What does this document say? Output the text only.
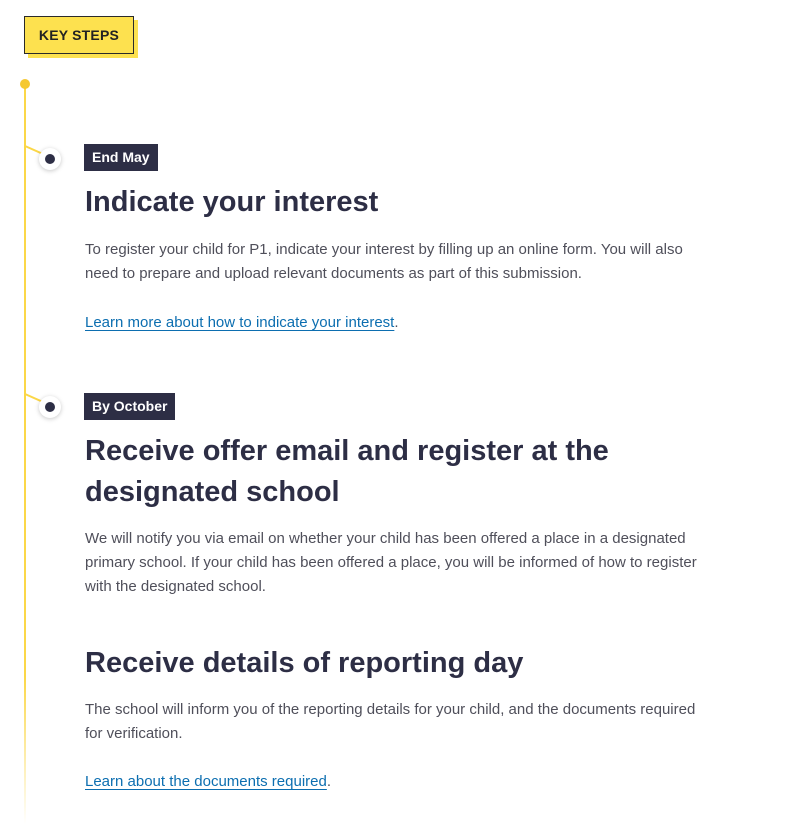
KEY STEPS
End May
Indicate your interest

To register your child for P1, indicate your interest by filling up an online form. You will also need to prepare and upload relevant documents as part of this submission.

Learn more about how to indicate your interest.

By October
Receive offer email and register at the designated school

We will notify you via email on whether your child has been offered a place in a designated primary school. If your child has been offered a place, you will be informed of how to register with the designated school.

Receive details of reporting day

The school will inform you of the reporting details for your child, and the documents required for verification.

Learn about the documents required.
